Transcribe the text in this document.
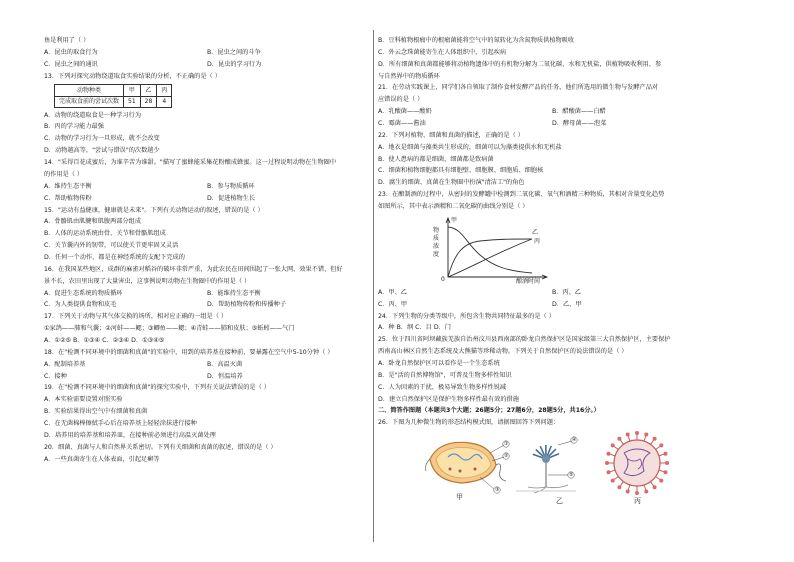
鱼是利用了（ ）
A．昆虫的取食行为	B．昆虫之间的斗争
C．昆虫之间的通讯	D．昆虫的学习行为
13．下列对探究动物绕道取食实验结果的分析，不正确的是（ ）
动物种类	甲	乙	丙
完成取食前的尝试次数	51	28	4
A．动物的绕道取食是一种学习行为
B．丙的学习能力最强
C．动物的学习行为一旦形成，就不会改变
D．动物越高等，"尝试与错误"的次数越少
14．"采得百花成蜜后，为谁辛苦为谁甜。"描写了蜜蜂能采集花粉酿成蜂蜜。这一过程说明动物在生物圈中
的作用是（ ）
A．维持生态平衡	B．参与物质循环
C．帮助植物传粉	D．促进植物生长
15．"运动有益健康，健康就是未来"。下列有关动物运动的叙述，错误的是（ ）
A．骨骼肌由肌腱和肌腹两部分组成
B．人体的运动系统由骨、关节和骨骼肌组成
C．关节囊内外的韧带，可以使关节更牢固又灵活
D．任何一个动作，都是在神经系统的支配下完成的
16．在我国某些地区，成群的麻雀对稻谷的破坏非常严重，为此农民在田间围起了一张大网，效果不错，但好
景不长，农田里出现了大量害虫，这事例说明动物在生物圈中的作用是（ ）
A．促进生态系统的物质循环	B．能维持生态平衡
C．为人类提供食物和皮毛	D．帮助植物传粉和传播种子
17．下列关于动物与其气体交换的场所，相对应正确的一组是（ ）
①家鸽——肺和气囊；②河蚌——鳃；③鲫鱼——鳃；④青蛙——肺和皮肤；⑤蚯蚓——气门
A．①②⑤ B．①③④ C．②③④ D．①③④⑤
18．在"检测不同环境中的细菌和真菌"的实验中，用到的培养基在接种前，要暴露在空气中5-10分钟（ ）
A．配制培养基	B．高温灭菌
C．接种	D．恒温培养
19．在"检测不同环境中的细菌和真菌"的探究实验中，下列有关说法错误的是（ ）
A．本实验需要设置对照实验
B．实验结果得出空气中有细菌和真菌
C．在无菌棉棒擦拭手心后在培养基上轻轻涂抹进行接种
D．培养用的培养基和培养皿，在接种前必须进行高温灭菌处理
20．细菌、真菌与人和自然界关系密切。下列有关细菌和真菌的叙述，错误的是（ ）
A．一些真菌寄生在人体表面，引起足癣等
B．豆科植物根瘤中的根瘤菌能将空气中的氮转化为含氮物质供植物吸收
C．外云念珠菌能寄生在人体组织中，引起疾病
D．所有细菌和真菌都能够将动植物遗体中的有机物分解为二氧化碳、水和无机盐，供植物吸收利用，参
与自然界中的物质循环
21．在劳动实践课上，同学们各自领取了制作食材发酵产品的任务，他们所选用的微生物与发酵产品对
应错误的是（ ）
A．乳酸菌——酸奶	B．醋酸菌——白醋
C．霉菌——酱油	D．酵母菌——泡菜
22．下列对植物、细菌和真菌的描述，正确的是（ ）
A．地衣是细菌与藻类共生形成的，细菌可以为藻类提供水和无机盐
B．使人患病的都是细菌，细菌都是致病菌
C．细菌和植物细胞都具有细胞壁、细胞膜、细胞质、细胞核
D．腐生的细菌、真菌在生物圈中扮演"清洁工"的角色
23．在酿制酒的过程中，从密封的发酵罐中检测到二氧化碳、氧气和酒精三种物质，其相对含量变化趋势
如图所示，其中表示酒精和二氧化碳的曲线分别是（ ）
物
质
浓
度
酿酒时间
0
甲
乙
丙
A．甲、乙	B．丙、乙
C．丙、甲	D．乙、甲
24．下列生物的分类等级中，所包含生物共同特征最多的是（ ）
A．种 B．纲 C．目 D．门
25．位于四川省阿坝藏族羌族自治州汶川县西南部的卧龙自然保护区是国家级第三大自然保护区，主要保护
西南高山林区自然生态系统及大熊猫等珍稀动物。下列关于自然保护区的说法错误的是（ ）
A．卧龙自然保护区可以看作是一个生态系统
B．是"活的自然博物馆"，可普及生物多样性知识
C．人为因素的干扰，极易导致生物多样性锐减
D．建立自然保护区是保护生物多样性最有效的措施
二、简答作图题（本题共3个大题；26题5分；27题6分，28题5分，共16分。）
26．下图为几种微生物的形态结构模式图，请据图回答下列问题：
甲
①
②
③
乙
④
⑤
丙
